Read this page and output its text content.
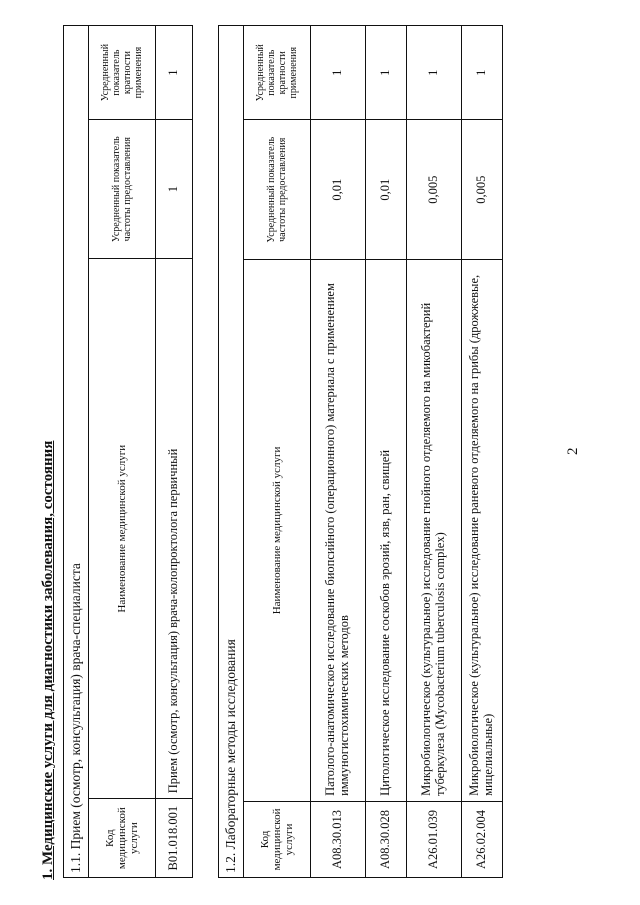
2
1. Медицинские услуги для диагностики заболевания, состояния 1.1. Прием (осмотр, консультация) врача-специалиста			
Код медицинской услуги	Наименование медицинской услуги	Усредненный показатель частоты предоставления	Усредненный показатель кратности применения
B01.018.001	Прием (осмотр, консультация) врача-колопроктолога первичный	1	1
1.2. Лабораторные методы исследования			
Код медицинской услуги	Наименование медицинской услуги	Усредненный показатель частоты предоставления	Усредненный показатель кратности применения
A08.30.013	Патолого-анатомическое исследование биопсийного (операционного) материала с применением иммуногистохимических методов	0,01	1
A08.30.028	Цитологическое исследование соскобов эрозий, язв, ран, свищей	0,01	1
A26.01.039	Микробиологическое (культуральное) исследование гнойного отделяемого на микобактерий туберкулеза (Mycobacterium tuberculosis complex)	0,005	1
A26.02.004	Микробиологическое (культуральное) исследование раневого отделяемого на грибы (дрожжевые, мицелиальные)	0,005	1
